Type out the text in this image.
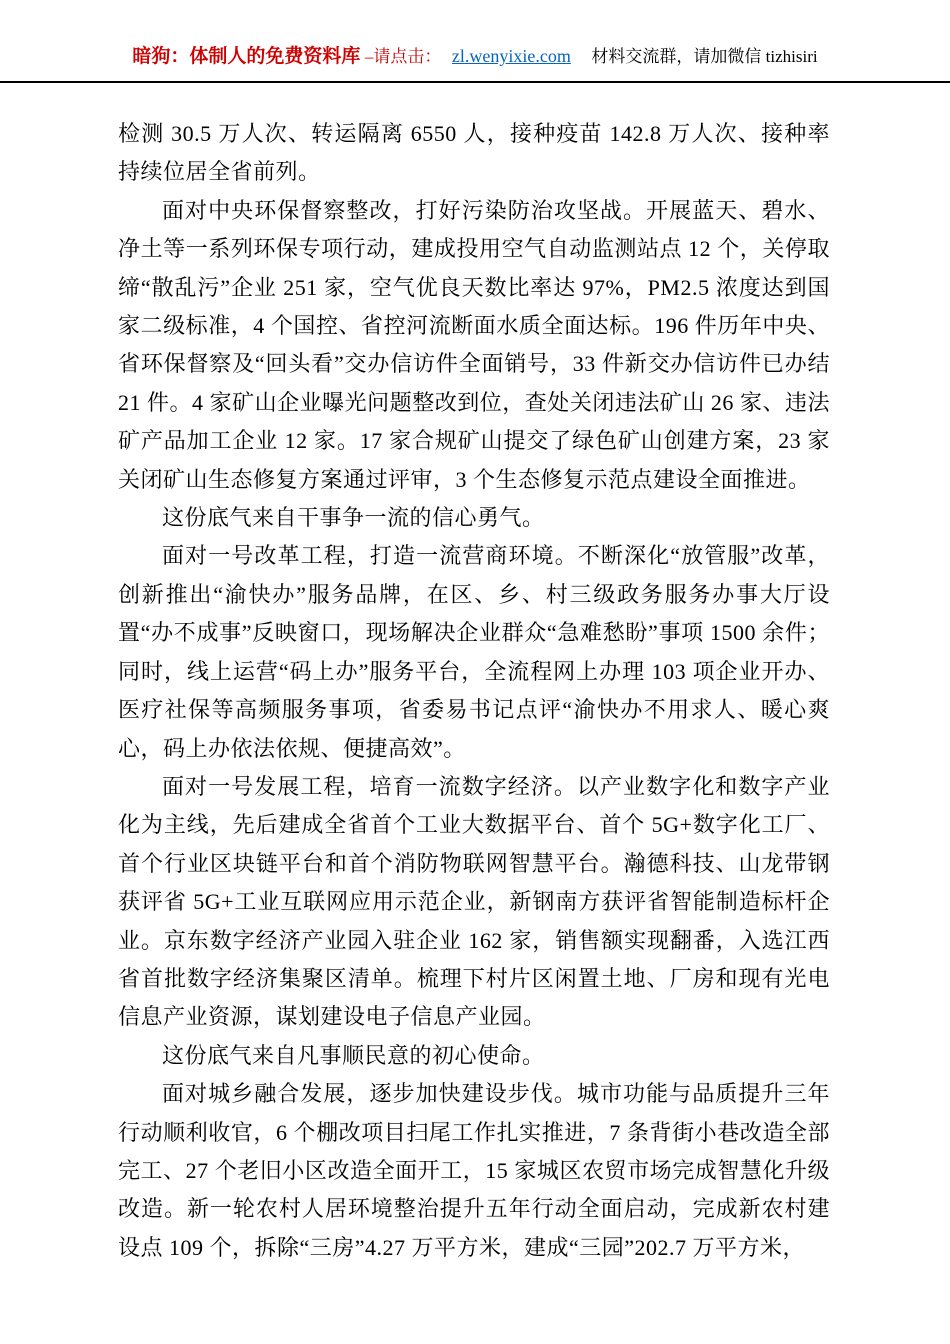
暗狗：体制人的免费资料库 –请点击： zl.wenyixie.com 材料交流群，请加微信 tizhisiri

检测 30.5 万人次、转运隔离 6550 人，接种疫苗 142.8 万人次、接种率持续位居全省前列。

面对中央环保督察整改，打好污染防治攻坚战。开展蓝天、碧水、净土等一系列环保专项行动，建成投用空气自动监测站点 12 个，关停取缔“散乱污”企业 251 家，空气优良天数比率达 97%，PM2.5 浓度达到国家二级标准，4 个国控、省控河流断面水质全面达标。196 件历年中央、省环保督察及“回头看”交办信访件全面销号，33 件新交办信访件已办结 21 件。4 家矿山企业曝光问题整改到位，查处关闭违法矿山 26 家、违法矿产品加工企业 12 家。17 家合规矿山提交了绿色矿山创建方案，23 家关闭矿山生态修复方案通过评审，3 个生态修复示范点建设全面推进。

这份底气来自干事争一流的信心勇气。

面对一号改革工程，打造一流营商环境。不断深化“放管服”改革，创新推出“渝快办”服务品牌，在区、乡、村三级政务服务办事大厅设置“办不成事”反映窗口，现场解决企业群众“急难愁盼”事项 1500 余件；同时，线上运营“码上办”服务平台，全流程网上办理 103 项企业开办、医疗社保等高频服务事项，省委易书记点评“渝快办不用求人、暖心爽心，码上办依法依规、便捷高效”。

面对一号发展工程，培育一流数字经济。以产业数字化和数字产业化为主线，先后建成全省首个工业大数据平台、首个 5G+数字化工厂、首个行业区块链平台和首个消防物联网智慧平台。瀚德科技、山龙带钢获评省 5G+工业互联网应用示范企业，新钢南方获评省智能制造标杆企业。京东数字经济产业园入驻企业 162 家，销售额实现翻番，入选江西省首批数字经济集聚区清单。梳理下村片区闲置土地、厂房和现有光电信息产业资源，谋划建设电子信息产业园。

这份底气来自凡事顺民意的初心使命。

面对城乡融合发展，逐步加快建设步伐。城市功能与品质提升三年行动顺利收官，6 个棚改项目扫尾工作扎实推进，7 条背街小巷改造全部完工、27 个老旧小区改造全面开工，15 家城区农贸市场完成智慧化升级改造。新一轮农村人居环境整治提升五年行动全面启动，完成新农村建设点 109 个，拆除“三房”4.27 万平方米，建成“三园”202.7 万平方米，
